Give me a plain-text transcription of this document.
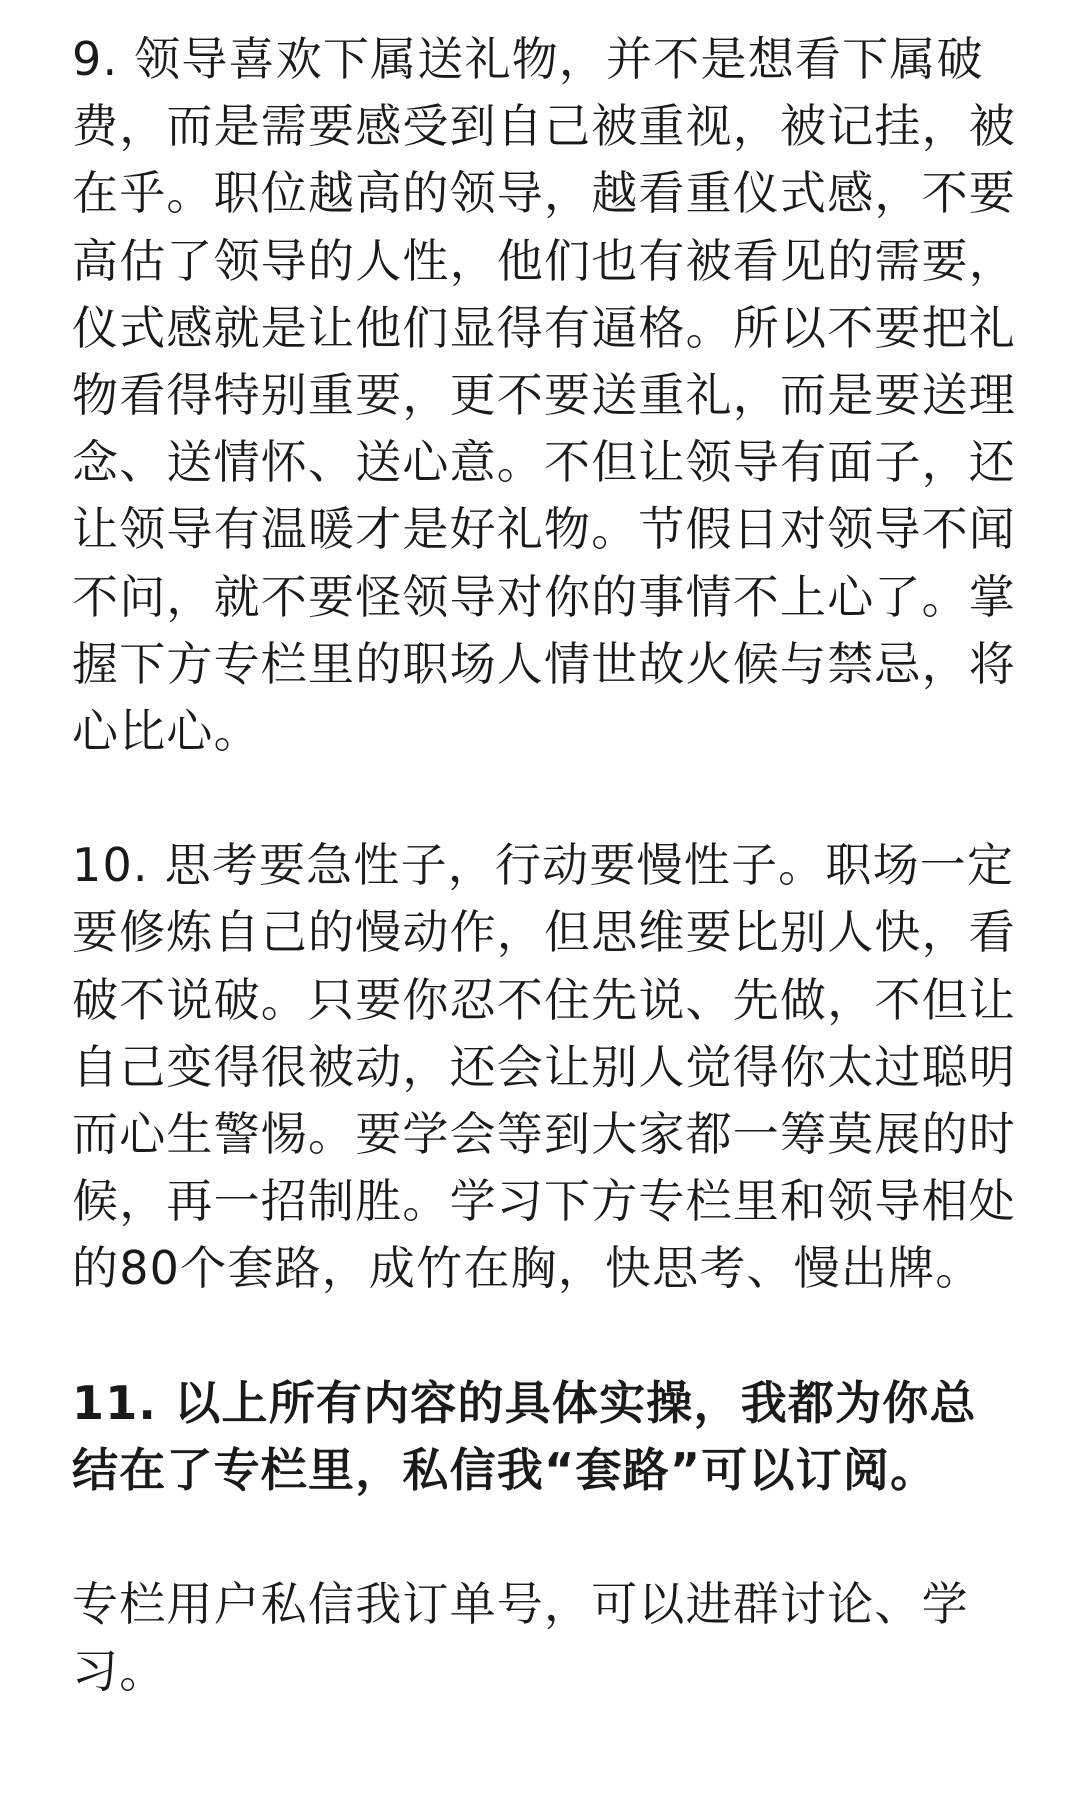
9. 领导喜欢下属送礼物，并不是想看下属破费，而是需要感受到自己被重视，被记挂，被在乎。职位越高的领导，越看重仪式感，不要高估了领导的人性，他们也有被看见的需要，仪式感就是让他们显得有逼格。所以不要把礼物看得特别重要，更不要送重礼，而是要送理念、送情怀、送心意。不但让领导有面子，还让领导有温暖才是好礼物。节假日对领导不闻不问，就不要怪领导对你的事情不上心了。掌握下方专栏里的职场人情世故火候与禁忌，将心比心。

10. 思考要急性子，行动要慢性子。职场一定要修炼自己的慢动作，但思维要比别人快，看破不说破。只要你忍不住先说、先做，不但让自己变得很被动，还会让别人觉得你太过聪明而心生警惕。要学会等到大家都一筹莫展的时候，再一招制胜。学习下方专栏里和领导相处的80个套路，成竹在胸，快思考、慢出牌。

11. 以上所有内容的具体实操，我都为你总结在了专栏里，私信我“套路”可以订阅。

专栏用户私信我订单号，可以进群讨论、学习。
